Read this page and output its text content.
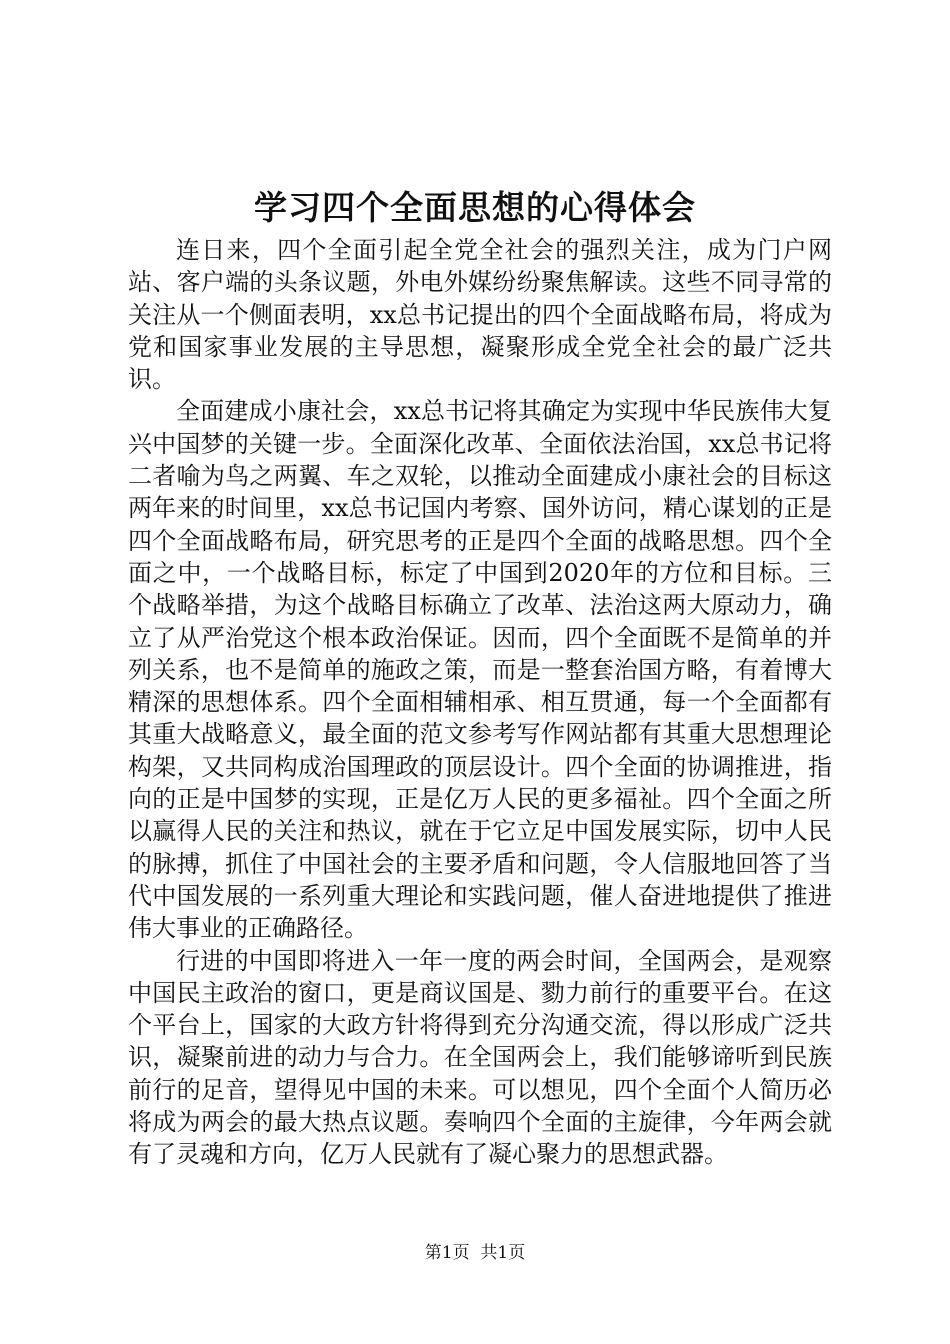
学习四个全面思想的心得体会

连日来，四个全面引起全党全社会的强烈关注，成为门户网站、客户端的头条议题，外电外媒纷纷聚焦解读。这些不同寻常的关注从一个侧面表明，xx总书记提出的四个全面战略布局，将成为党和国家事业发展的主导思想，凝聚形成全党全社会的最广泛共识。

全面建成小康社会，xx总书记将其确定为实现中华民族伟大复兴中国梦的关键一步。全面深化改革、全面依法治国，xx总书记将二者喻为鸟之两翼、车之双轮，以推动全面建成小康社会的目标这两年来的时间里，xx总书记国内考察、国外访问，精心谋划的正是四个全面战略布局，研究思考的正是四个全面的战略思想。四个全面之中，一个战略目标，标定了中国到2020年的方位和目标。三个战略举措，为这个战略目标确立了改革、法治这两大原动力，确立了从严治党这个根本政治保证。因而，四个全面既不是简单的并列关系，也不是简单的施政之策，而是一整套治国方略，有着博大精深的思想体系。四个全面相辅相承、相互贯通，每一个全面都有其重大战略意义，最全面的范文参考写作网站都有其重大思想理论构架，又共同构成治国理政的顶层设计。四个全面的协调推进，指向的正是中国梦的实现，正是亿万人民的更多福祉。四个全面之所以赢得人民的关注和热议，就在于它立足中国发展实际，切中人民的脉搏，抓住了中国社会的主要矛盾和问题，令人信服地回答了当代中国发展的一系列重大理论和实践问题，催人奋进地提供了推进伟大事业的正确路径。

行进的中国即将进入一年一度的两会时间，全国两会，是观察中国民主政治的窗口，更是商议国是、勠力前行的重要平台。在这个平台上，国家的大政方针将得到充分沟通交流，得以形成广泛共识，凝聚前进的动力与合力。在全国两会上，我们能够谛听到民族前行的足音，望得见中国的未来。可以想见，四个全面个人简历必将成为两会的最大热点议题。奏响四个全面的主旋律，今年两会就有了灵魂和方向，亿万人民就有了凝心聚力的思想武器。

第1页  共1页
